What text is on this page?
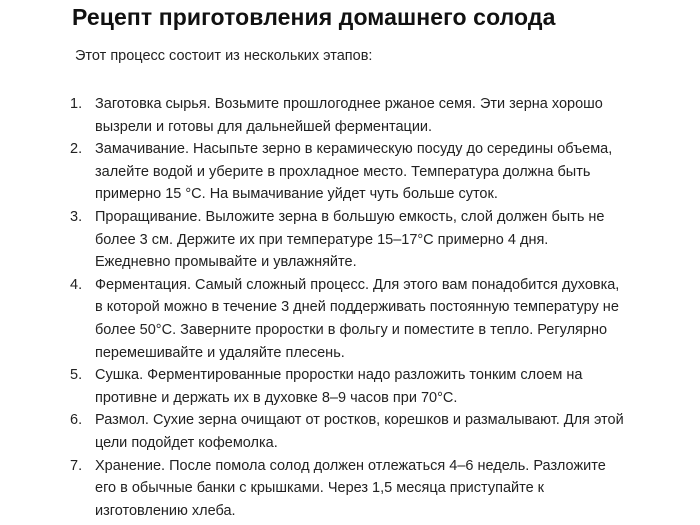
Рецепт приготовления домашнего солода

Этот процесс состоит из нескольких этапов:

1. Заготовка сырья. Возьмите прошлогоднее ржаное семя. Эти зерна хорошо вызрели и готовы для дальнейшей ферментации.
2. Замачивание. Насыпьте зерно в керамическую посуду до середины объема, залейте водой и уберите в прохладное место. Температура должна быть примерно 15 °С. На вымачивание уйдет чуть больше суток.
3. Проращивание. Выложите зерна в большую емкость, слой должен быть не более 3 см. Держите их при температуре 15–17°С примерно 4 дня. Ежедневно промывайте и увлажняйте.
4. Ферментация. Самый сложный процесс. Для этого вам понадобится духовка, в которой можно в течение 3 дней поддерживать постоянную температуру не более 50°С. Заверните проростки в фольгу и поместите в тепло. Регулярно перемешивайте и удаляйте плесень.
5. Сушка. Ферментированные проростки надо разложить тонким слоем на противне и держать их в духовке 8–9 часов при 70°С.
6. Размол. Сухие зерна очищают от ростков, корешков и размалывают. Для этой цели подойдет кофемолка.
7. Хранение. После помола солод должен отлежаться 4–6 недель. Разложите его в обычные банки с крышками. Через 1,5 месяца приступайте к изготовлению хлеба.
